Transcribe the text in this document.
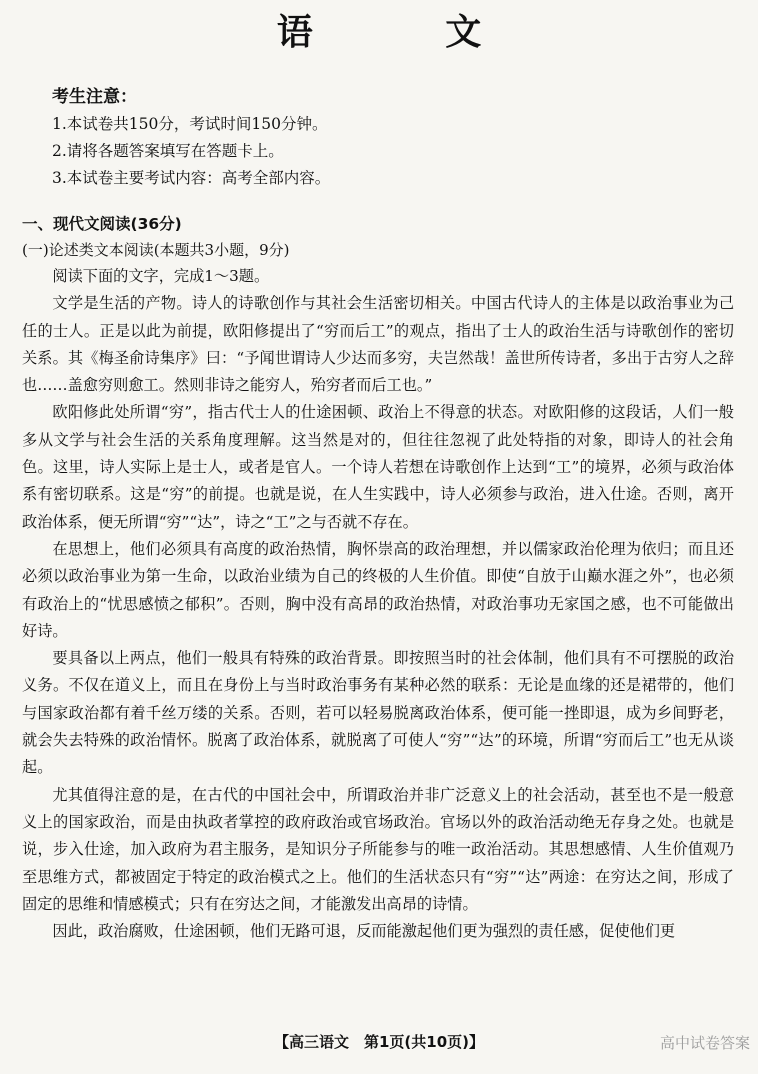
语 文
考生注意：
1.本试卷共150分，考试时间150分钟。
2.请将各题答案填写在答题卡上。
3.本试卷主要考试内容：高考全部内容。
一、现代文阅读(36分)
(一)论述类文本阅读(本题共3小题，9分)

阅读下面的文字，完成1～3题。

文学是生活的产物。诗人的诗歌创作与其社会生活密切相关。中国古代诗人的主体是以政治事业为己任的士人。正是以此为前提，欧阳修提出了“穷而后工”的观点，指出了士人的政治生活与诗歌创作的密切关系。其《梅圣俞诗集序》曰：“予闻世谓诗人少达而多穷，夫岂然哉！盖世所传诗者，多出于古穷人之辞也……盖愈穷则愈工。然则非诗之能穷人，殆穷者而后工也。”

欧阳修此处所谓“穷”，指古代士人的仕途困顿、政治上不得意的状态。对欧阳修的这段话，人们一般多从文学与社会生活的关系角度理解。这当然是对的，但往往忽视了此处特指的对象，即诗人的社会角色。这里，诗人实际上是士人，或者是官人。一个诗人若想在诗歌创作上达到“工”的境界，必须与政治体系有密切联系。这是“穷”的前提。也就是说，在人生实践中，诗人必须参与政治，进入仕途。否则，离开政治体系，便无所谓“穷”“达”，诗之“工”之与否就不存在。

在思想上，他们必须具有高度的政治热情，胸怀崇高的政治理想，并以儒家政治伦理为依归；而且还必须以政治事业为第一生命，以政治业绩为自己的终极的人生价值。即使“自放于山巅水涯之外”，也必须有政治上的“忧思感愤之郁积”。否则，胸中没有高昂的政治热情，对政治事功无家国之感，也不可能做出好诗。

要具备以上两点，他们一般具有特殊的政治背景。即按照当时的社会体制，他们具有不可摆脱的政治义务。不仅在道义上，而且在身份上与当时政治事务有某种必然的联系：无论是血缘的还是裙带的，他们与国家政治都有着千丝万缕的关系。否则，若可以轻易脱离政治体系，便可能一挫即退，成为乡间野老，就会失去特殊的政治情怀。脱离了政治体系，就脱离了可使人“穷”“达”的环境，所谓“穷而后工”也无从谈起。

尤其值得注意的是，在古代的中国社会中，所谓政治并非广泛意义上的社会活动，甚至也不是一般意义上的国家政治，而是由执政者掌控的政府政治或官场政治。官场以外的政治活动绝无存身之处。也就是说，步入仕途，加入政府为君主服务，是知识分子所能参与的唯一政治活动。其思想感情、人生价值观乃至思维方式，都被固定于特定的政治模式之上。他们的生活状态只有“穷”“达”两途：在穷达之间，形成了固定的思维和情感模式；只有在穷达之间，才能激发出高昂的诗情。

因此，政治腐败，仕途困顿，他们无路可退，反而能激起他们更为强烈的责任感，促使他们更

【高三语文　第1页(共10页)】	高中试卷答案
